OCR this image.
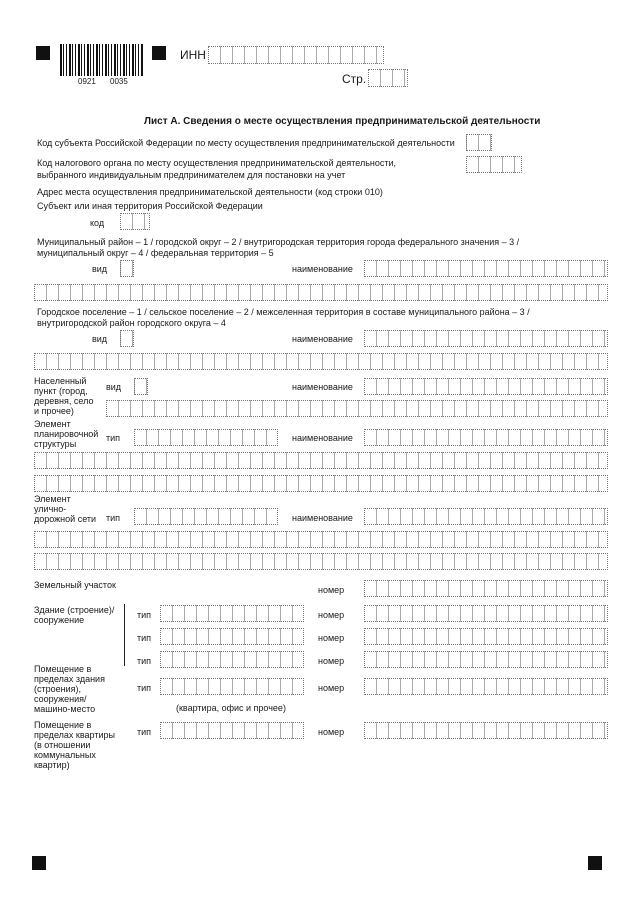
0921 0035
ИНН
Стр.
Лист А. Сведения о месте осуществления предпринимательской деятельности
Код субъекта Российской Федерации по месту осуществления предпринимательской деятельности
Код налогового органа по месту осуществления предпринимательской деятельности,
выбранного индивидуальным предпринимателем для постановки на учет
Адрес места осуществления предпринимательской деятельности (код строки 010)
Субъект или иная территория Российской Федерации
код
Муниципальный район – 1 / городской округ – 2 / внутригородская территория города федерального значения – 3 /
муниципальный округ – 4 / федеральная территория – 5
вид	наименование
Городское поселение – 1 / сельское поселение – 2 / межселенная территория в составе муниципального района – 3 /
внутригородской район городского округа – 4
вид	наименование
Населенный пункт (город, деревня, село и прочее)
вид	наименование
Элемент планировочной структуры
тип	наименование
Элемент улично-дорожной сети	тип	наименование
Земельный участок	номер
Здание (строение)/ сооружение	тип	номер
тип	номер
тип	номер
Помещение в пределах здания (строения), сооружения/ машино-место
тип	номер
(квартира, офис и прочее)
Помещение в пределах квартиры (в отношении коммунальных квартир)
тип	номер
